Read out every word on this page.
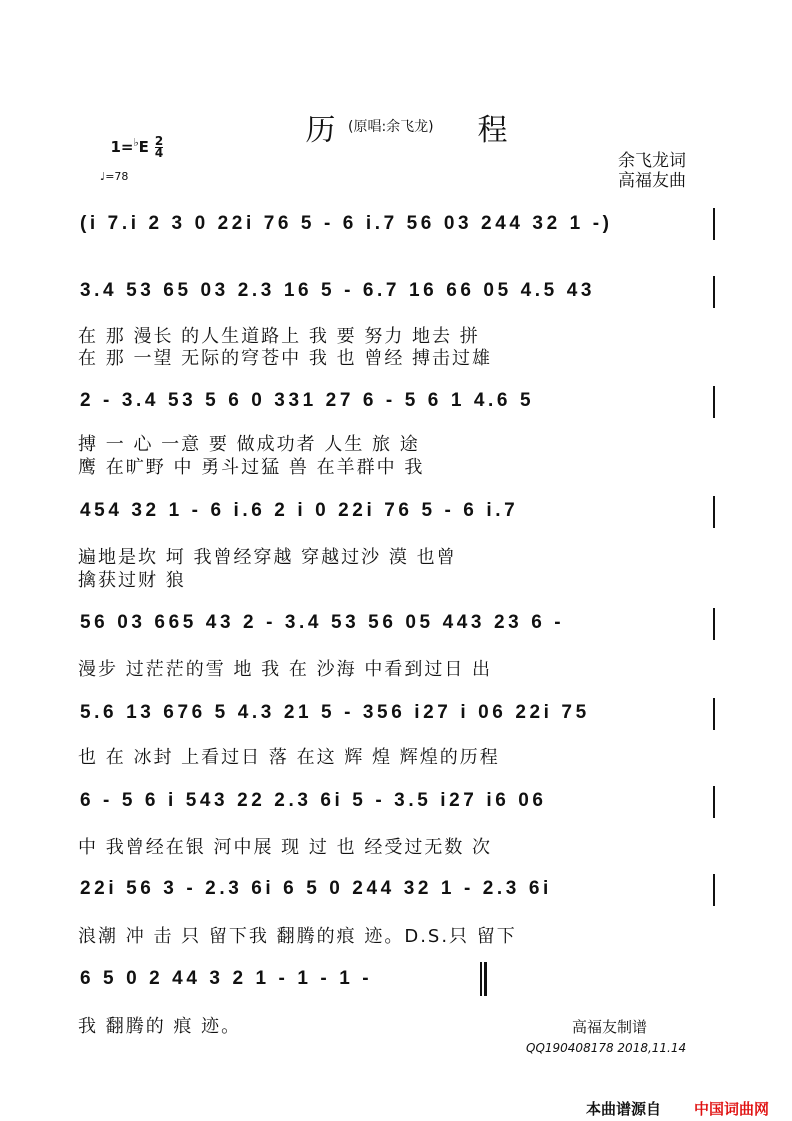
历	程

$1=^♭E \frac{2}{4}$

(原唱:余飞龙)
♩=78
余飞龙词
高福友曲
(i 7.i 2 3 0 22i 76 5 - 6 i.7 56 03 244 32 1 -)
3.4 53 65 03 2.3 16 5 - 6.7 16 66 05 4.5 43
在 那 漫长 的人生道路上 我 要 努力 地去 拼
在 那 一望 无际的穹苍中 我 也 曾经 搏击过雄
2 - 3.4 53 5 6 0 331 27 6 - 5 6 1 4.6 5
搏 一 心 一意 要 做成功者 人生 旅 途
鹰 在旷野 中 勇斗过猛 兽 在羊群中 我
454 32 1 - 6 i.6 2 i 0 22i 76 5 - 6 i.7
遍地是坎 坷 我曾经穿越 穿越过沙 漠 也曾
擒获过财 狼
56 03 665 43 2 - 3.4 53 56 05 443 23 6 -
漫步 过茫茫的雪 地 我 在 沙海 中看到过日 出
5.6 13 676 5 4.3 21 5 - 356 i27 i 06 22i 75
也 在 冰封 上看过日 落 在这 辉 煌 辉煌的历程
6 - 5 6 i 543 22 2.3 6i 5 - 3.5 i27 i6 06
中 我曾经在银 河中展 现 过 也 经受过无数 次
22i 56 3 - 2.3 6i 6 5 0 244 32 1 - 2.3 6i
浪潮 冲 击 只 留下我 翻腾的痕 迹。D.S.只 留下
6 5 0 2 44 3 2 1 - 1 - 1 -
我 翻腾的 痕 迹。	高福友制谱
QQ190408178 2018,11.14
本曲谱源自 中国词曲网
